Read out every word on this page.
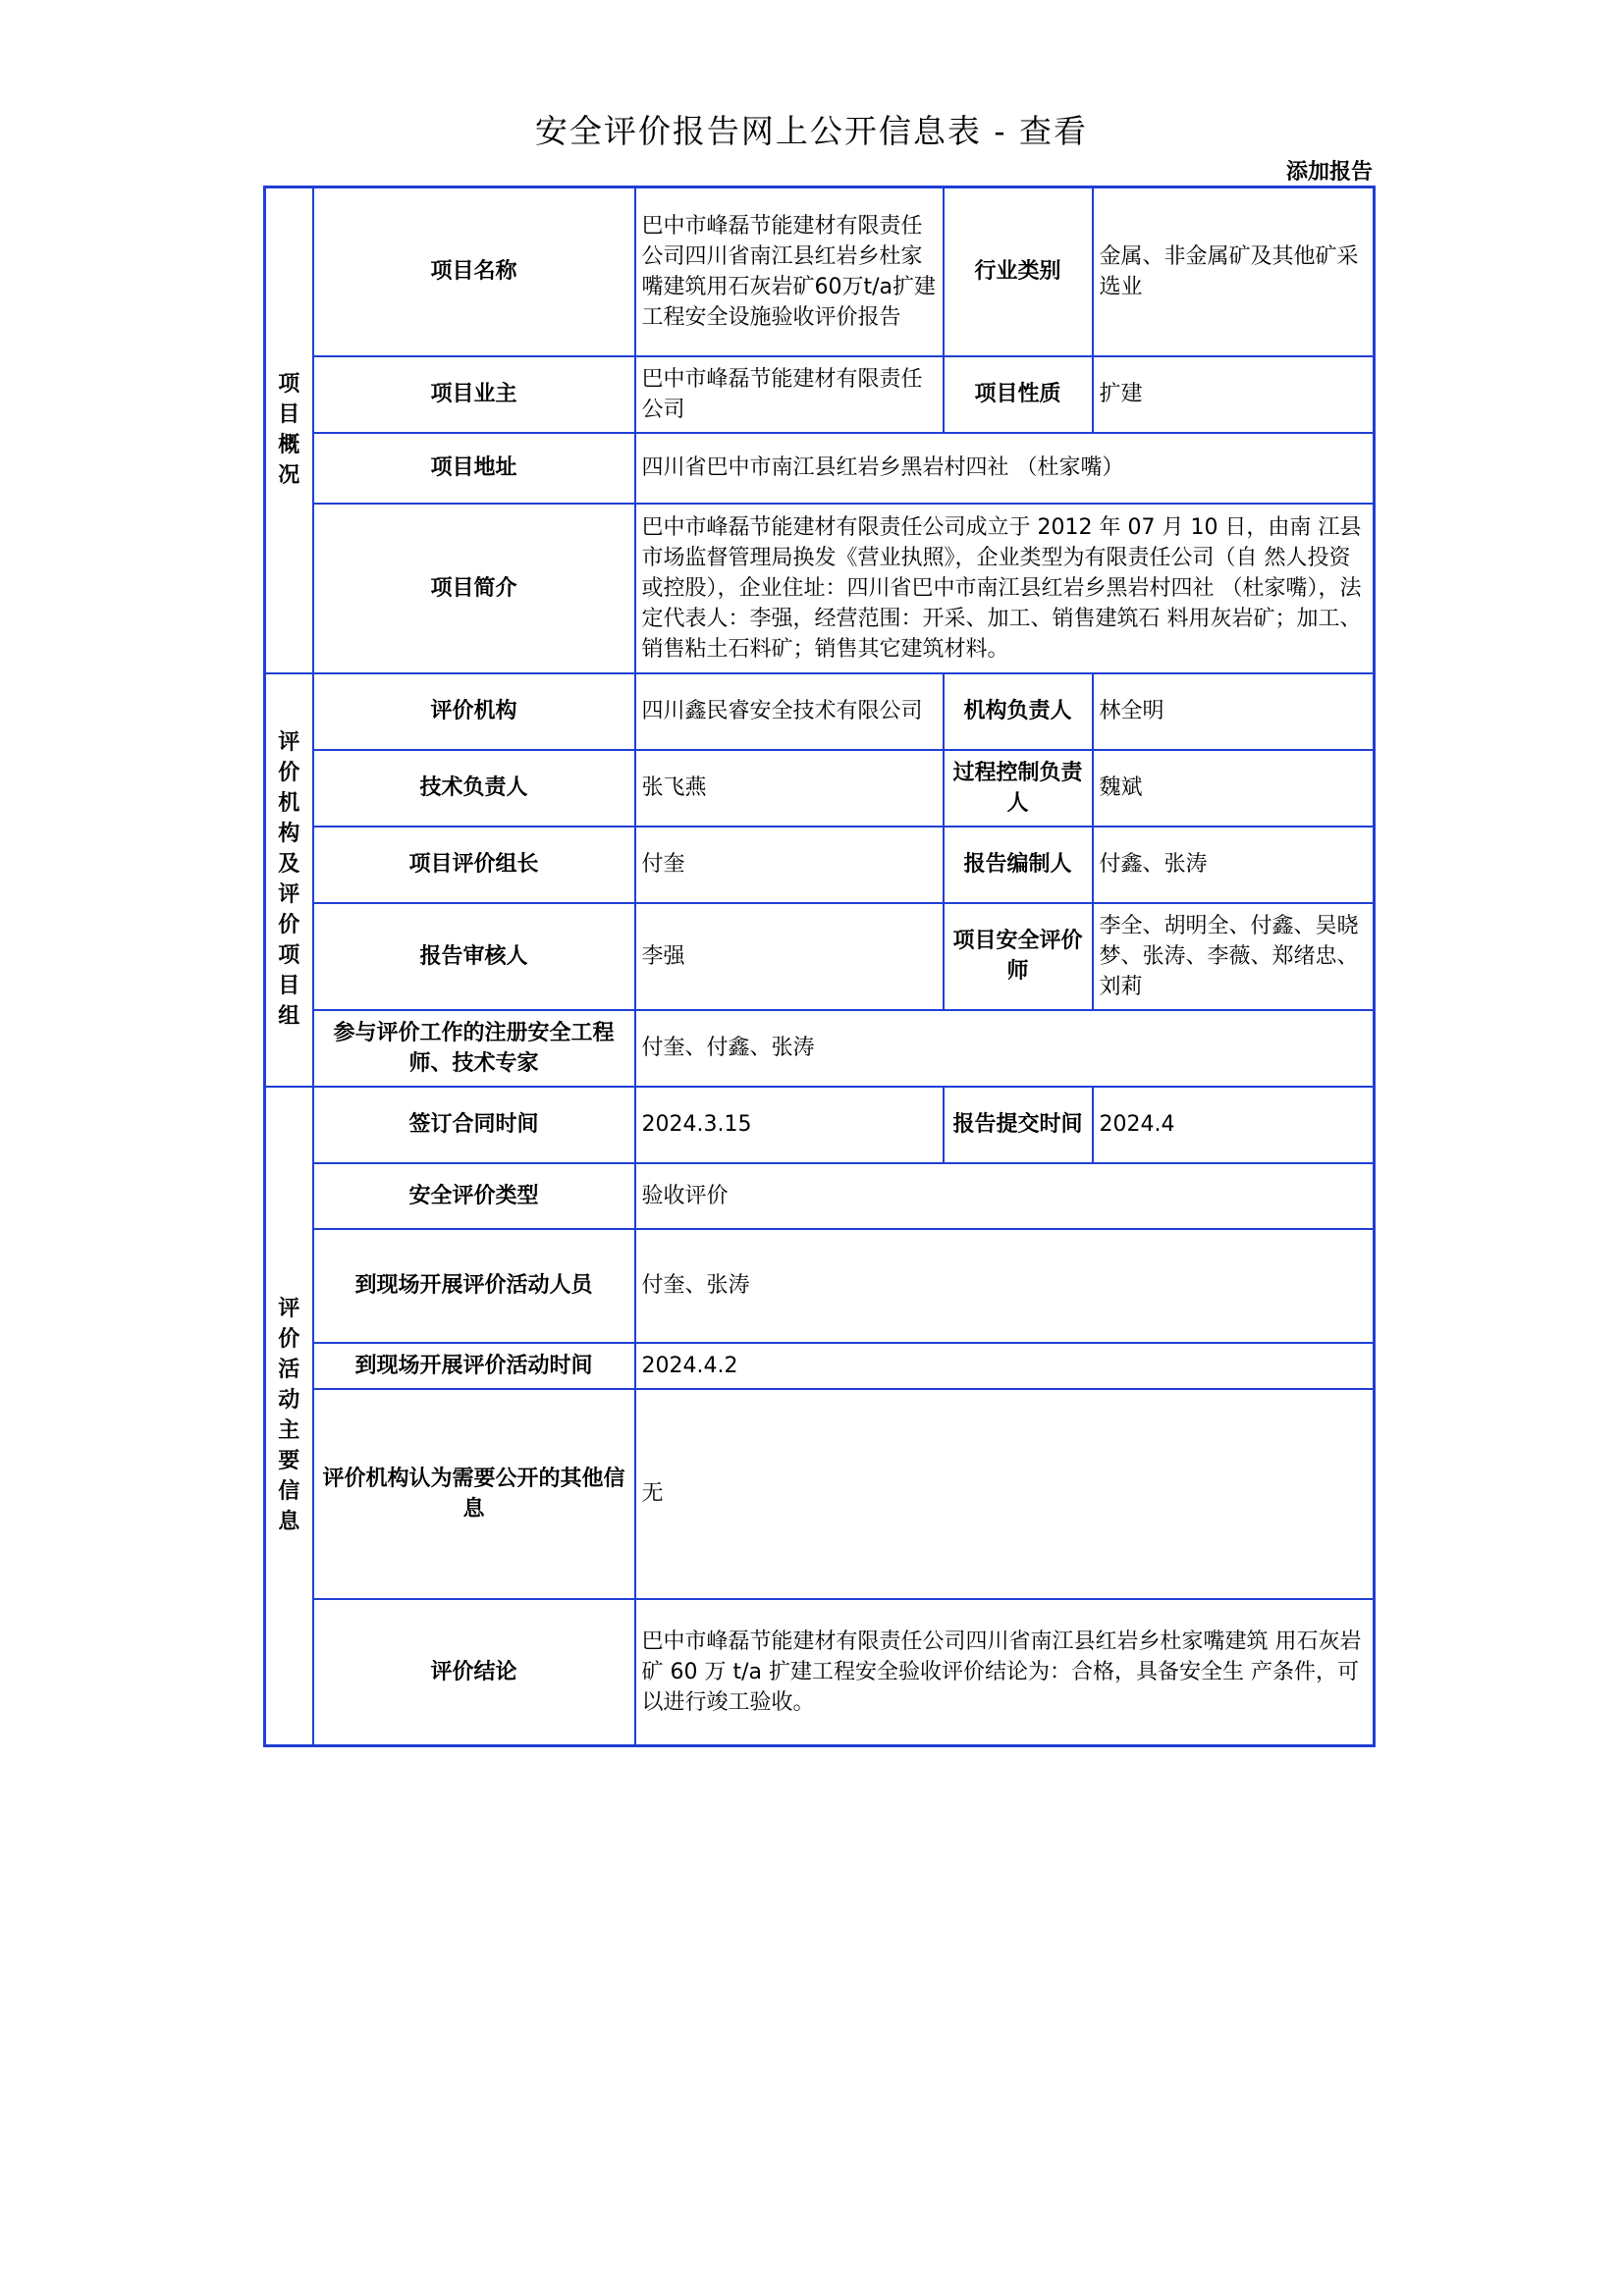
安全评价报告网上公开信息表 - 查看
添加报告
项目概况	项目名称	巴中市峰磊节能建材有限责任公司四川省南江县红岩乡杜家嘴建筑用石灰岩矿60万t/a扩建工程安全设施验收评价报告	行业类别	金属、非金属矿及其他矿采选业
	项目业主	巴中市峰磊节能建材有限责任公司	项目性质	扩建
	项目地址	四川省巴中市南江县红岩乡黑岩村四社 （杜家嘴）		
	项目简介	巴中市峰磊节能建材有限责任公司成立于 2012 年 07 月 10 日，由南 江县市场监督管理局换发《营业执照》，企业类型为有限责任公司（自 然人投资或控股），企业住址：四川省巴中市南江县红岩乡黑岩村四社 （杜家嘴），法定代表人：李强，经营范围：开采、加工、销售建筑石 料用灰岩矿；加工、销售粘土石料矿；销售其它建筑材料。		

评价机构及评价项目组	评价机构	四川鑫民睿安全技术有限公司	机构负责人	林全明
	技术负责人	张飞燕	过程控制负责人	魏斌
	项目评价组长	付奎	报告编制人	付鑫、张涛
	报告审核人	李强	项目安全评价师	李全、胡明全、付鑫、吴晓梦、张涛、李薇、郑绪忠、刘莉
	参与评价工作的注册安全工程师、技术专家	付奎、付鑫、张涛		

评价活动主要信息	签订合同时间	2024.3.15	报告提交时间	2024.4
	安全评价类型	验收评价		
	到现场开展评价活动人员	付奎、张涛		
	到现场开展评价活动时间	2024.4.2		
	评价机构认为需要公开的其他信息	无		
	评价结论	巴中市峰磊节能建材有限责任公司四川省南江县红岩乡杜家嘴建筑 用石灰岩矿 60 万 t/a 扩建工程安全验收评价结论为：合格，具备安全生 产条件，可以进行竣工验收。		
